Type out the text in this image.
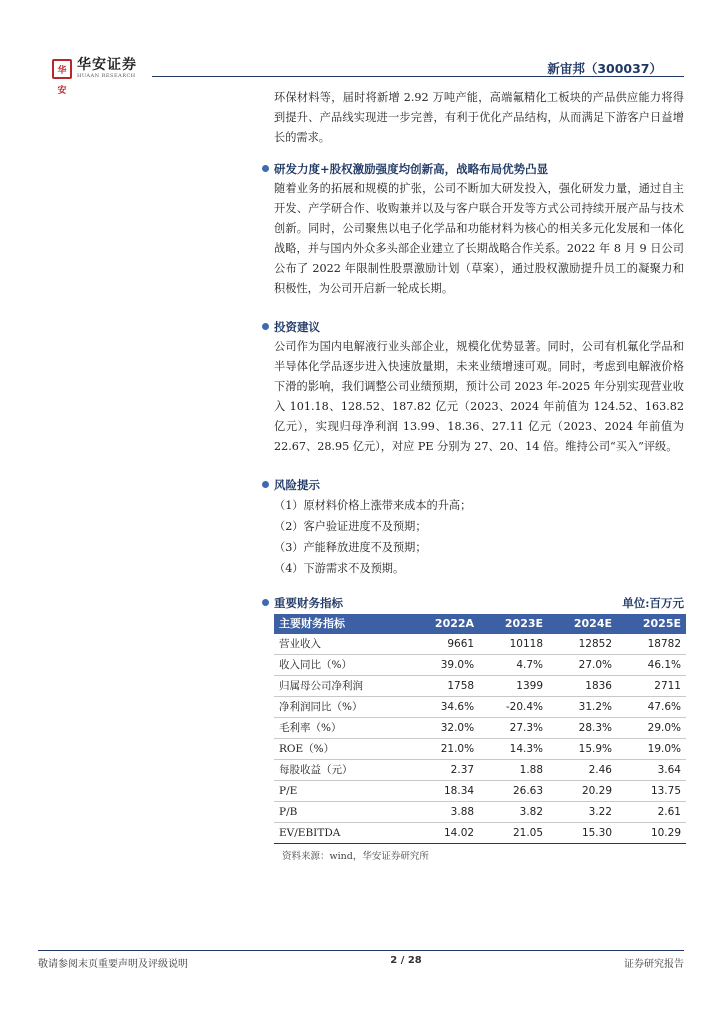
华安
华安证券
HUAAN RESEARCH	新宙邦（300037）

环保材料等，届时将新增 2.92 万吨产能，高端氟精化工板块的产品供应能力将得到提升、产品线实现进一步完善，有利于优化产品结构，从而满足下游客户日益增长的需求。

研发力度+股权激励强度均创新高，战略布局优势凸显

随着业务的拓展和规模的扩张，公司不断加大研发投入，强化研发力量，通过自主开发、产学研合作、收购兼并以及与客户联合开发等方式公司持续开展产品与技术创新。同时，公司聚焦以电子化学品和功能材料为核心的相关多元化发展和一体化战略，并与国内外众多头部企业建立了长期战略合作关系。2022 年 8 月 9 日公司公布了 2022 年限制性股票激励计划（草案），通过股权激励提升员工的凝聚力和积极性，为公司开启新一轮成长期。

投资建议

公司作为国内电解液行业头部企业，规模化优势显著。同时，公司有机氟化学品和半导体化学品逐步进入快速放量期，未来业绩增速可观。同时，考虑到电解液价格下滑的影响，我们调整公司业绩预期，预计公司 2023 年-2025 年分别实现营业收入 101.18、128.52、187.82 亿元（2023、2024 年前值为 124.52、163.82 亿元），实现归母净利润 13.99、18.36、27.11 亿元（2023、2024 年前值为 22.67、28.95 亿元），对应 PE 分别为 27、20、14 倍。维持公司“买入”评级。

风险提示

（1）原材料价格上涨带来成本的升高；

（2）客户验证进度不及预期；

（3）产能释放进度不及预期；

（4）下游需求不及预期。

重要财务指标	单位:百万元
主要财务指标	2022A	2023E	2024E	2025E
营业收入	9661	10118	12852	18782
收入同比（%）	39.0%	4.7%	27.0%	46.1%
归属母公司净利润	1758	1399	1836	2711
净利润同比（%）	34.6%	-20.4%	31.2%	47.6%
毛利率（%）	32.0%	27.3%	28.3%	29.0%
ROE（%）	21.0%	14.3%	15.9%	19.0%
每股收益（元）	2.37	1.88	2.46	3.64
P/E	18.34	26.63	20.29	13.75
P/B	3.88	3.82	3.22	2.61
EV/EBITDA	14.02	21.05	15.30	10.29
资料来源：wind，华安证券研究所
敬请参阅末页重要声明及评级说明	2 / 28	证券研究报告
